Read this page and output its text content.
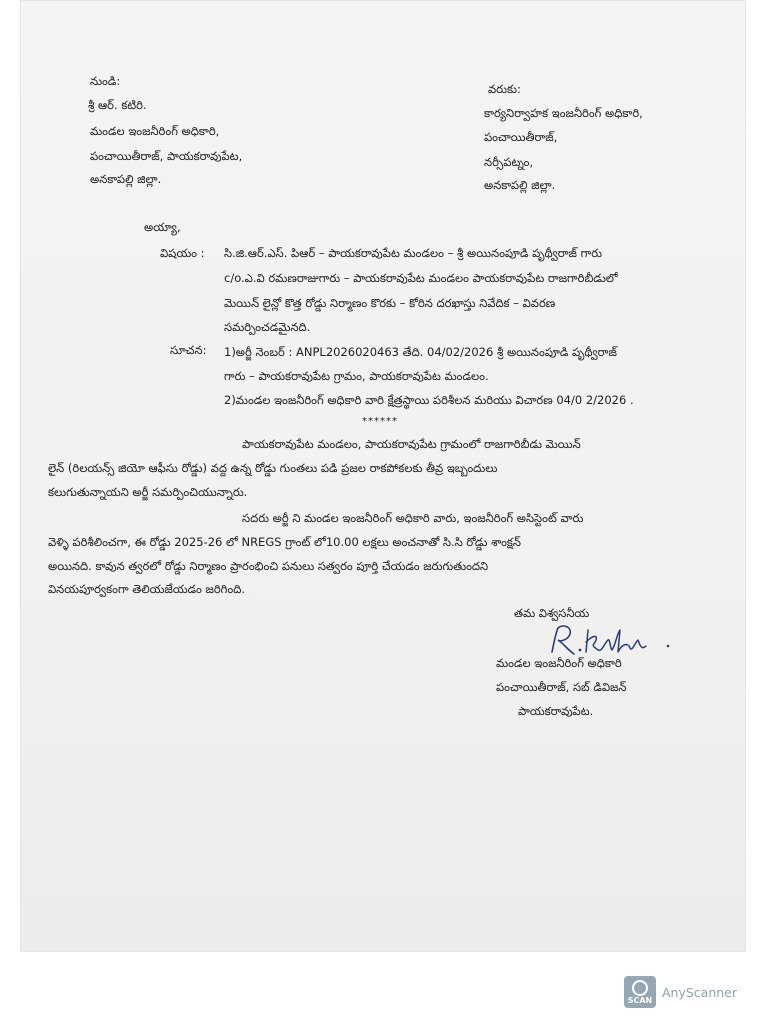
నుండి:
శ్రీ ఆర్. కటిరి.
మండల ఇంజనీరింగ్ అధికారి,
పంచాయితీరాజ్, పాయకరావుపేట,
అనకాపల్లి జిల్లా.
వరుకు:
కార్యనిర్వాహక ఇంజనీరింగ్ అధికారి,
పంచాయితీరాజ్,
నర్సీపట్నం,
అనకాపల్లి జిల్లా.
అయ్యా,
విషయం : సి.జి.ఆర్.ఎస్. పిఆర్ – పాయకరావుపేట మండలం – శ్రీ అయినంపూడి పృథ్వీరాజ్ గారు
c/o.ఎ.వి రమణరాజుగారు – పాయకరావుపేట మండలం పాయకరావుపేట రాజగారిబీడులో
మెయిన్ లైన్లో కొత్త రోడ్డు నిర్మాణం కొరకు – కోరిన దరఖాస్తు నివేదిక – వివరణ
సమర్పించడమైనది.
సూచన: 1)అర్జీ నెంబర్ : ANPL2026020463 తేది. 04/02/2026 శ్రీ అయినంపూడి పృథ్వీరాజ్
గారు – పాయకరావుపేట గ్రామం, పాయకరావుపేట మండలం.
2)మండల ఇంజనీరింగ్ అధికారి వారి క్షేత్రస్థాయి పరిశీలన మరియు విచారణ 04/0 2/2026 .
******
పాయకరావుపేట మండలం, పాయకరావుపేట గ్రామంలో రాజగారిబీడు మెయిన్
లైన్ (రిలయన్స్ జియో ఆఫీసు రోడ్డు) వద్ద ఉన్న రోడ్డు గుంతలు పడి ప్రజల రాకపోకలకు తీవ్ర ఇబ్బందులు
కలుగుతున్నాయని అర్జీ సమర్పించియున్నారు.
సదరు అర్జీ ని మండల ఇంజనీరింగ్ అధికారి వారు, ఇంజనీరింగ్ అసిస్టెంట్ వారు
వెళ్ళి పరిశీలించగా, ఈ రోడ్డు 2025-26 లో NREGS గ్రాంట్ లో10.00 లక్షలు అంచనాతో సి.సి రోడ్డు శాంక్షన్
అయినది. కావున త్వరలో రోడ్డు నిర్మాణం ప్రారంభించి పనులు సత్వరం పూర్తి చేయడం జరుగుతుందని
వినయపూర్వకంగా తెలియజేయడం జరిగింది.
తమ విశ్వసనీయ
మండల ఇంజనీరింగ్ అధికారి
పంచాయితీరాజ్, సబ్ డివిజన్
పాయకరావుపేట.
SCAN
AnyScanner
